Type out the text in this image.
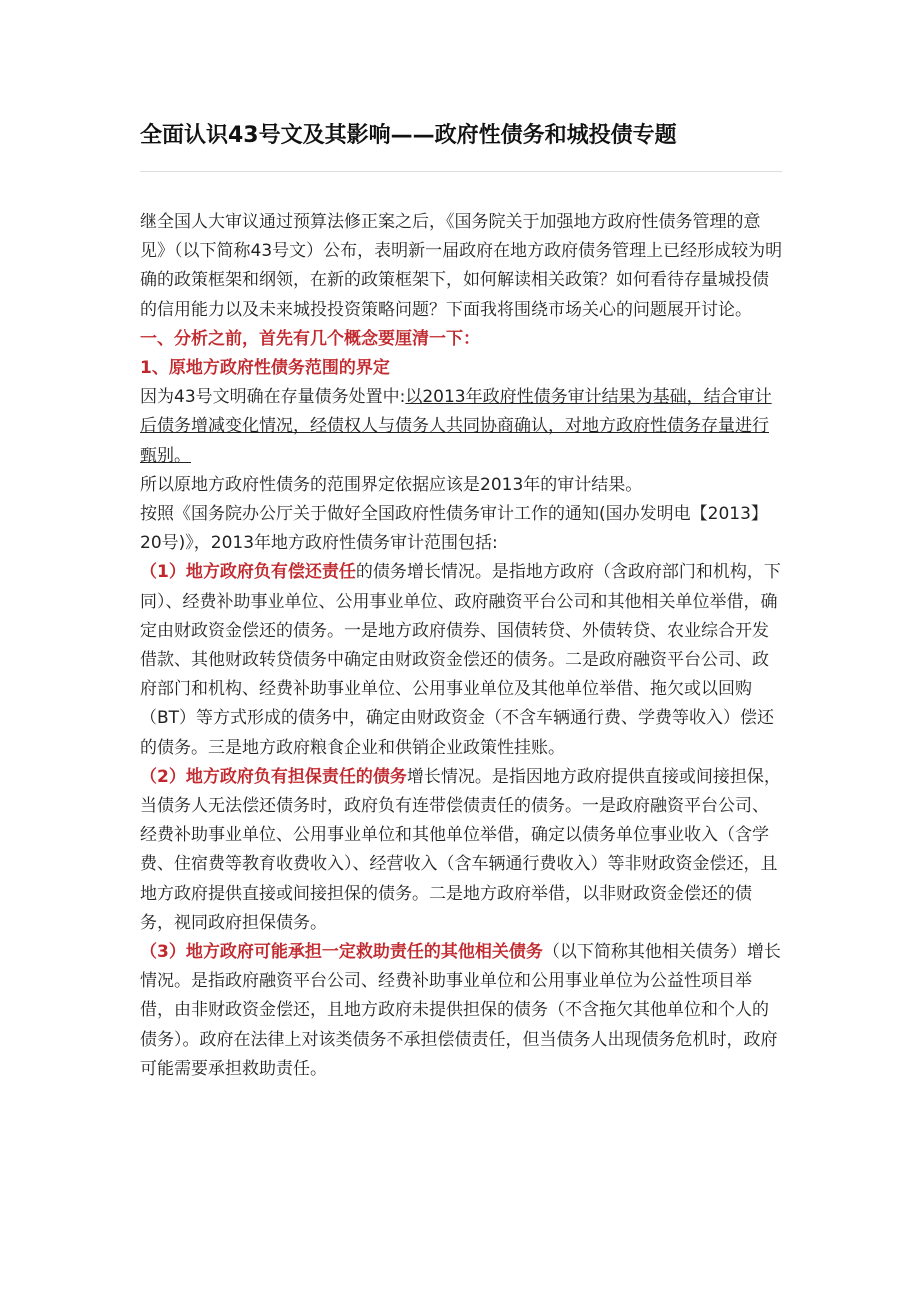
全面认识43号文及其影响——政府性债务和城投债专题

继全国人大审议通过预算法修正案之后，《国务院关于加强地方政府性债务管理的意见》（以下简称43号文）公布，表明新一届政府在地方政府债务管理上已经形成较为明确的政策框架和纲领，在新的政策框架下，如何解读相关政策？如何看待存量城投债的信用能力以及未来城投投资策略问题？下面我将围绕市场关心的问题展开讨论。

一、分析之前，首先有几个概念要厘清一下：

1、原地方政府性债务范围的界定

因为43号文明确在存量债务处置中:以2013年政府性债务审计结果为基础，结合审计后债务增减变化情况，经债权人与债务人共同协商确认，对地方政府性债务存量进行甄别。

所以原地方政府性债务的范围界定依据应该是2013年的审计结果。

按照《国务院办公厅关于做好全国政府性债务审计工作的通知(国办发明电【2013】20号)》，2013年地方政府性债务审计范围包括:

（1）地方政府负有偿还责任的债务增长情况。是指地方政府（含政府部门和机构，下同）、经费补助事业单位、公用事业单位、政府融资平台公司和其他相关单位举借，确定由财政资金偿还的债务。一是地方政府债券、国债转贷、外债转贷、农业综合开发借款、其他财政转贷债务中确定由财政资金偿还的债务。二是政府融资平台公司、政府部门和机构、经费补助事业单位、公用事业单位及其他单位举借、拖欠或以回购（BT）等方式形成的债务中，确定由财政资金（不含车辆通行费、学费等收入）偿还的债务。三是地方政府粮食企业和供销企业政策性挂账。

（2）地方政府负有担保责任的债务增长情况。是指因地方政府提供直接或间接担保，当债务人无法偿还债务时，政府负有连带偿债责任的债务。一是政府融资平台公司、经费补助事业单位、公用事业单位和其他单位举借，确定以债务单位事业收入（含学费、住宿费等教育收费收入）、经营收入（含车辆通行费收入）等非财政资金偿还，且地方政府提供直接或间接担保的债务。二是地方政府举借，以非财政资金偿还的债务，视同政府担保债务。

（3）地方政府可能承担一定救助责任的其他相关债务（以下简称其他相关债务）增长情况。是指政府融资平台公司、经费补助事业单位和公用事业单位为公益性项目举借，由非财政资金偿还，且地方政府未提供担保的债务（不含拖欠其他单位和个人的债务）。政府在法律上对该类债务不承担偿债责任，但当债务人出现债务危机时，政府可能需要承担救助责任。
